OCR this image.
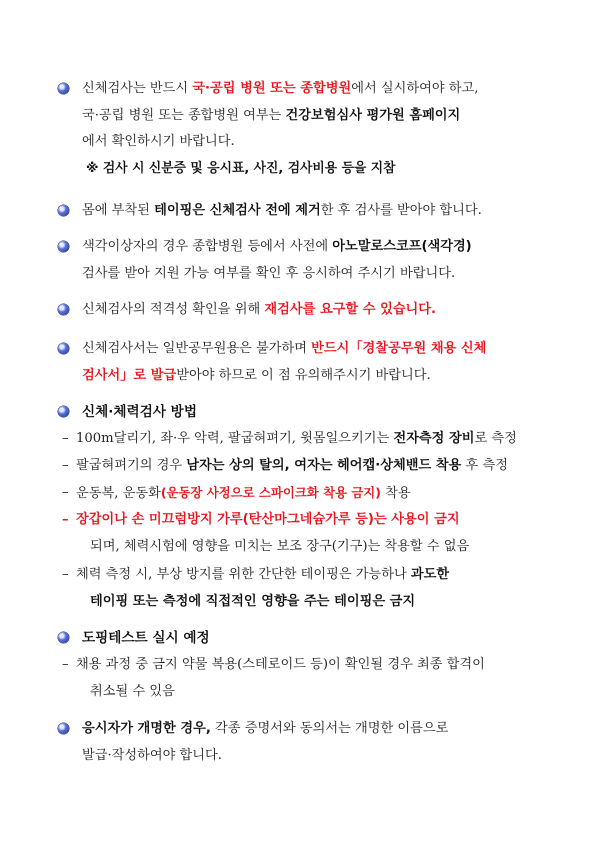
신체검사는 반드시 국·공립 병원 또는 종합병원에서 실시하여야 하고,
국·공립 병원 또는 종합병원 여부는 건강보험심사 평가원 홈페이지
에서 확인하시기 바랍니다.
※ 검사 시 신분증 및 응시표, 사진, 검사비용 등을 지참
몸에 부착된 테이핑은 신체검사 전에 제거한 후 검사를 받아야 합니다.
색각이상자의 경우 종합병원 등에서 사전에 아노말로스코프(색각경)
검사를 받아 지원 가능 여부를 확인 후 응시하여 주시기 바랍니다.
신체검사의 적격성 확인을 위해 재검사를 요구할 수 있습니다.
신체검사서는 일반공무원용은 불가하며 반드시「경찰공무원 채용 신체
검사서」로 발급받아야 하므로 이 점 유의해주시기 바랍니다.
신체·체력검사 방법
– 100m달리기, 좌·우 악력, 팔굽혀펴기, 윗몸일으키기는 전자측정 장비로 측정
– 팔굽혀펴기의 경우 남자는 상의 탈의, 여자는 헤어캡·상체밴드 착용 후 측정
– 운동복, 운동화(운동장 사정으로 스파이크화 착용 금지) 착용
– 장갑이나 손 미끄럼방지 가루(탄산마그네슘가루 등)는 사용이 금지
되며, 체력시험에 영향을 미치는 보조 장구(기구)는 착용할 수 없음
– 체력 측정 시, 부상 방지를 위한 간단한 테이핑은 가능하나 과도한
테이핑 또는 측정에 직접적인 영향을 주는 테이핑은 금지
도핑테스트 실시 예정
– 채용 과정 중 금지 약물 복용(스테로이드 등)이 확인될 경우 최종 합격이
취소될 수 있음
응시자가 개명한 경우, 각종 증명서와 동의서는 개명한 이름으로
발급·작성하여야 합니다.
